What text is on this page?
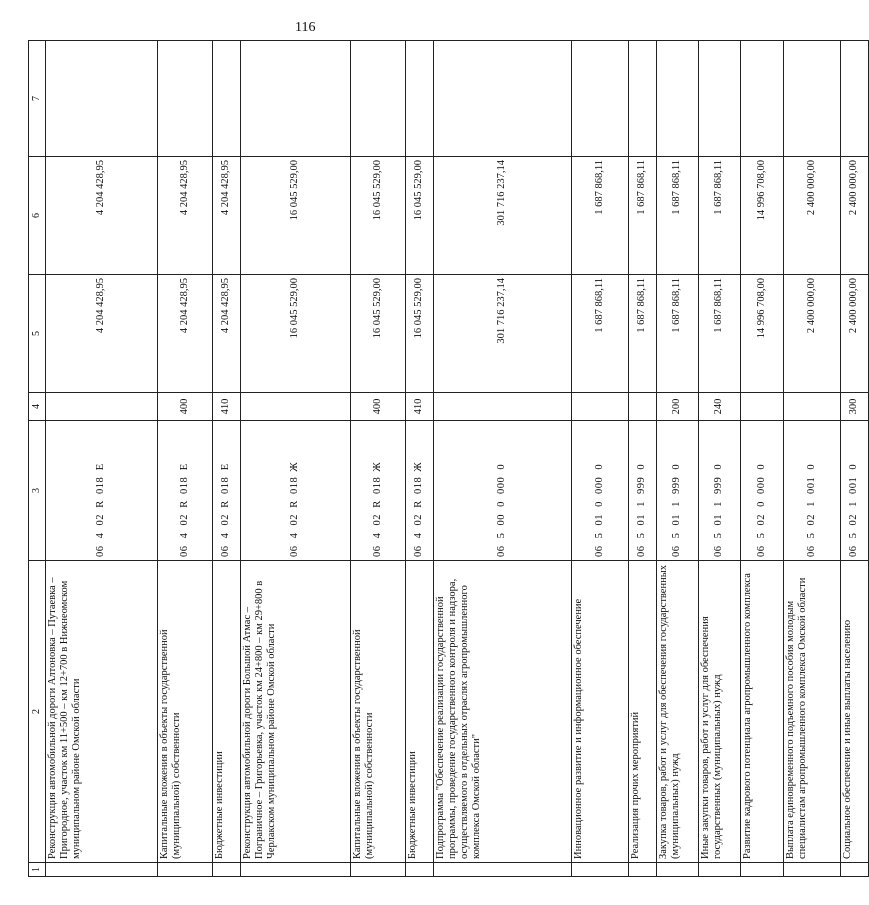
116
1	2	3	4	5	6	7
	Реконструкция автомобильной дороги Алтоновка – Путаевка – Пригородное, участок км 11+500 – км 12+700 в Нижнеомском муниципальном районе Омской области	06402R018Е		4 204 428,95	4 204 428,95	
	Капитальные вложения в объекты государственной (муниципальной) собственности	06402R018Е	400	4 204 428,95	4 204 428,95	
	Бюджетные инвестиции	06402R018Е	410	4 204 428,95	4 204 428,95	
	Реконструкция автомобильной дороги Большой Атмас – Пограничное – Григорьевка, участок км 24+800 – км 29+800 в Черлакском муниципальном районе Омской области	06402R018Ж		16 045 529,00	16 045 529,00	
	Капитальные вложения в объекты государственной (муниципальной) собственности	06402R018Ж	400	16 045 529,00	16 045 529,00	
	Бюджетные инвестиции	06402R018Ж	410	16 045 529,00	16 045 529,00	
	Подпрограмма "Обеспечение реализации государственной программы, проведение государственного контроля и надзора, осуществляемого в отдельных отраслях агропромышленного комплекса Омской области"	0650000000		301 716 237,14	301 716 237,14	
	Инновационное развитие и информационное обеспечение	0650100000		1 687 868,11	1 687 868,11	
	Реализация прочих мероприятий	0650119990		1 687 868,11	1 687 868,11	
	Закупка товаров, работ и услуг для обеспечения государственных (муниципальных) нужд	0650119990	200	1 687 868,11	1 687 868,11	
	Иные закупки товаров, работ и услуг для обеспечения государственных (муниципальных) нужд	0650119990	240	1 687 868,11	1 687 868,11	
	Развитие кадрового потенциала агропромышленного комплекса	0650200000		14 996 708,00	14 996 708,00	
	Выплата единовременного подъемного пособия молодым специалистам агропромышленного комплекса Омской области	0650210010		2 400 000,00	2 400 000,00	
	Социальное обеспечение и иные выплаты населению	0650210010	300	2 400 000,00	2 400 000,00	
